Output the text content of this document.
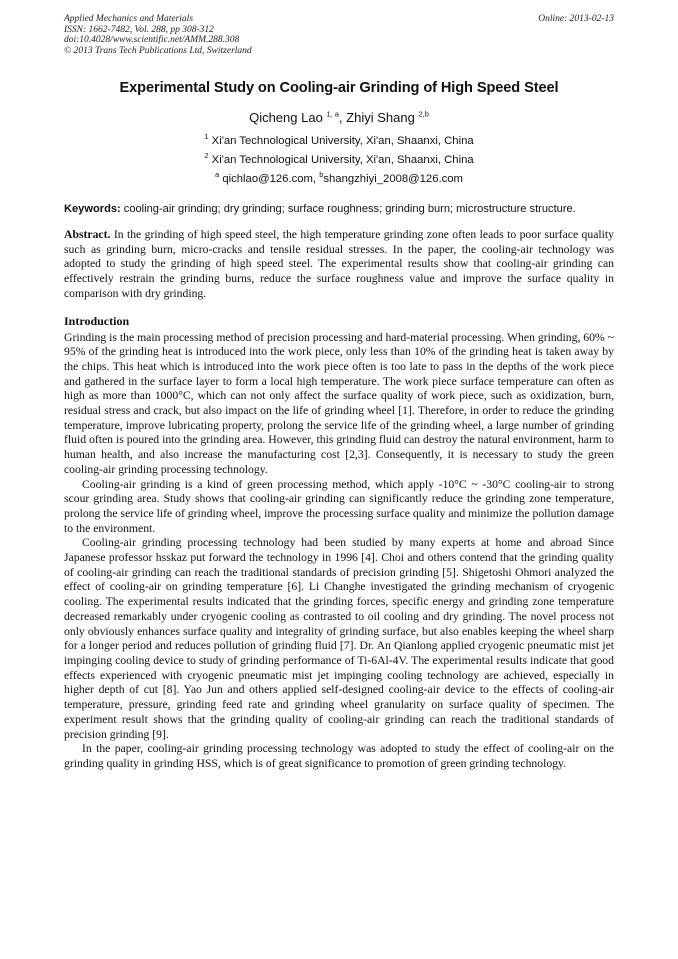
Applied Mechanics and Materials
ISSN: 1662-7482, Vol. 288, pp 308-312
doi:10.4028/www.scientific.net/AMM.288.308
© 2013 Trans Tech Publications Ltd, Switzerland
Online: 2013-02-13
Experimental Study on Cooling-air Grinding of High Speed Steel
Qicheng Lao $^{1, a}$, Zhiyi Shang $^{2,b}$
$^1$ Xi'an Technological University, Xi'an, Shaanxi, China
$^2$ Xi'an Technological University, Xi'an, Shaanxi, China
$^a$ qichlao@126.com, $^b$shangzhiyi_2008@126.com
Keywords: cooling-air grinding; dry grinding; surface roughness; grinding burn; microstructure structure.
Abstract. In the grinding of high speed steel, the high temperature grinding zone often leads to poor surface quality such as grinding burn, micro-cracks and tensile residual stresses. In the paper, the cooling-air technology was adopted to study the grinding of high speed steel. The experimental results show that cooling-air grinding can effectively restrain the grinding burns, reduce the surface roughness value and improve the surface quality in comparison with dry grinding.
Introduction

Grinding is the main processing method of precision processing and hard-material processing. When grinding, 60% ~ 95% of the grinding heat is introduced into the work piece, only less than 10% of the grinding heat is taken away by the chips. This heat which is introduced into the work piece often is too late to pass in the depths of the work piece and gathered in the surface layer to form a local high temperature. The work piece surface temperature can often as high as more than 1000°C, which can not only affect the surface quality of work piece, such as oxidization, burn, residual stress and crack, but also impact on the life of grinding wheel [1]. Therefore, in order to reduce the grinding temperature, improve lubricating property, prolong the service life of the grinding wheel, a large number of grinding fluid often is poured into the grinding area. However, this grinding fluid can destroy the natural environment, harm to human health, and also increase the manufacturing cost [2,3]. Consequently, it is necessary to study the green cooling-air grinding processing technology.

Cooling-air grinding is a kind of green processing method, which apply -10°C ~ -30°C cooling-air to strong scour grinding area. Study shows that cooling-air grinding can significantly reduce the grinding zone temperature, prolong the service life of grinding wheel, improve the processing surface quality and minimize the pollution damage to the environment.

Cooling-air grinding processing technology had been studied by many experts at home and abroad Since Japanese professor hsskaz put forward the technology in 1996 [4]. Choi and others contend that the grinding quality of cooling-air grinding can reach the traditional standards of precision grinding [5]. Shigetoshi Ohmori analyzed the effect of cooling-air on grinding temperature [6]. Li Changhe investigated the grinding mechanism of cryogenic cooling. The experimental results indicated that the grinding forces, specific energy and grinding zone temperature decreased remarkably under cryogenic cooling as contrasted to oil cooling and dry grinding. The novel process not only obviously enhances surface quality and integrality of grinding surface, but also enables keeping the wheel sharp for a longer period and reduces pollution of grinding fluid [7]. Dr. An Qianlong applied cryogenic pneumatic mist jet impinging cooling device to study of grinding performance of Ti-6Al-4V. The experimental results indicate that good effects experienced with cryogenic pneumatic mist jet impinging cooling technology are achieved, especially in higher depth of cut [8]. Yao Jun and others applied self-designed cooling-air device to the effects of cooling-air temperature, pressure, grinding feed rate and grinding wheel granularity on surface quality of specimen. The experiment result shows that the grinding quality of cooling-air grinding can reach the traditional standards of precision grinding [9].

In the paper, cooling-air grinding processing technology was adopted to study the effect of cooling-air on the grinding quality in grinding HSS, which is of great significance to promotion of green grinding technology.
